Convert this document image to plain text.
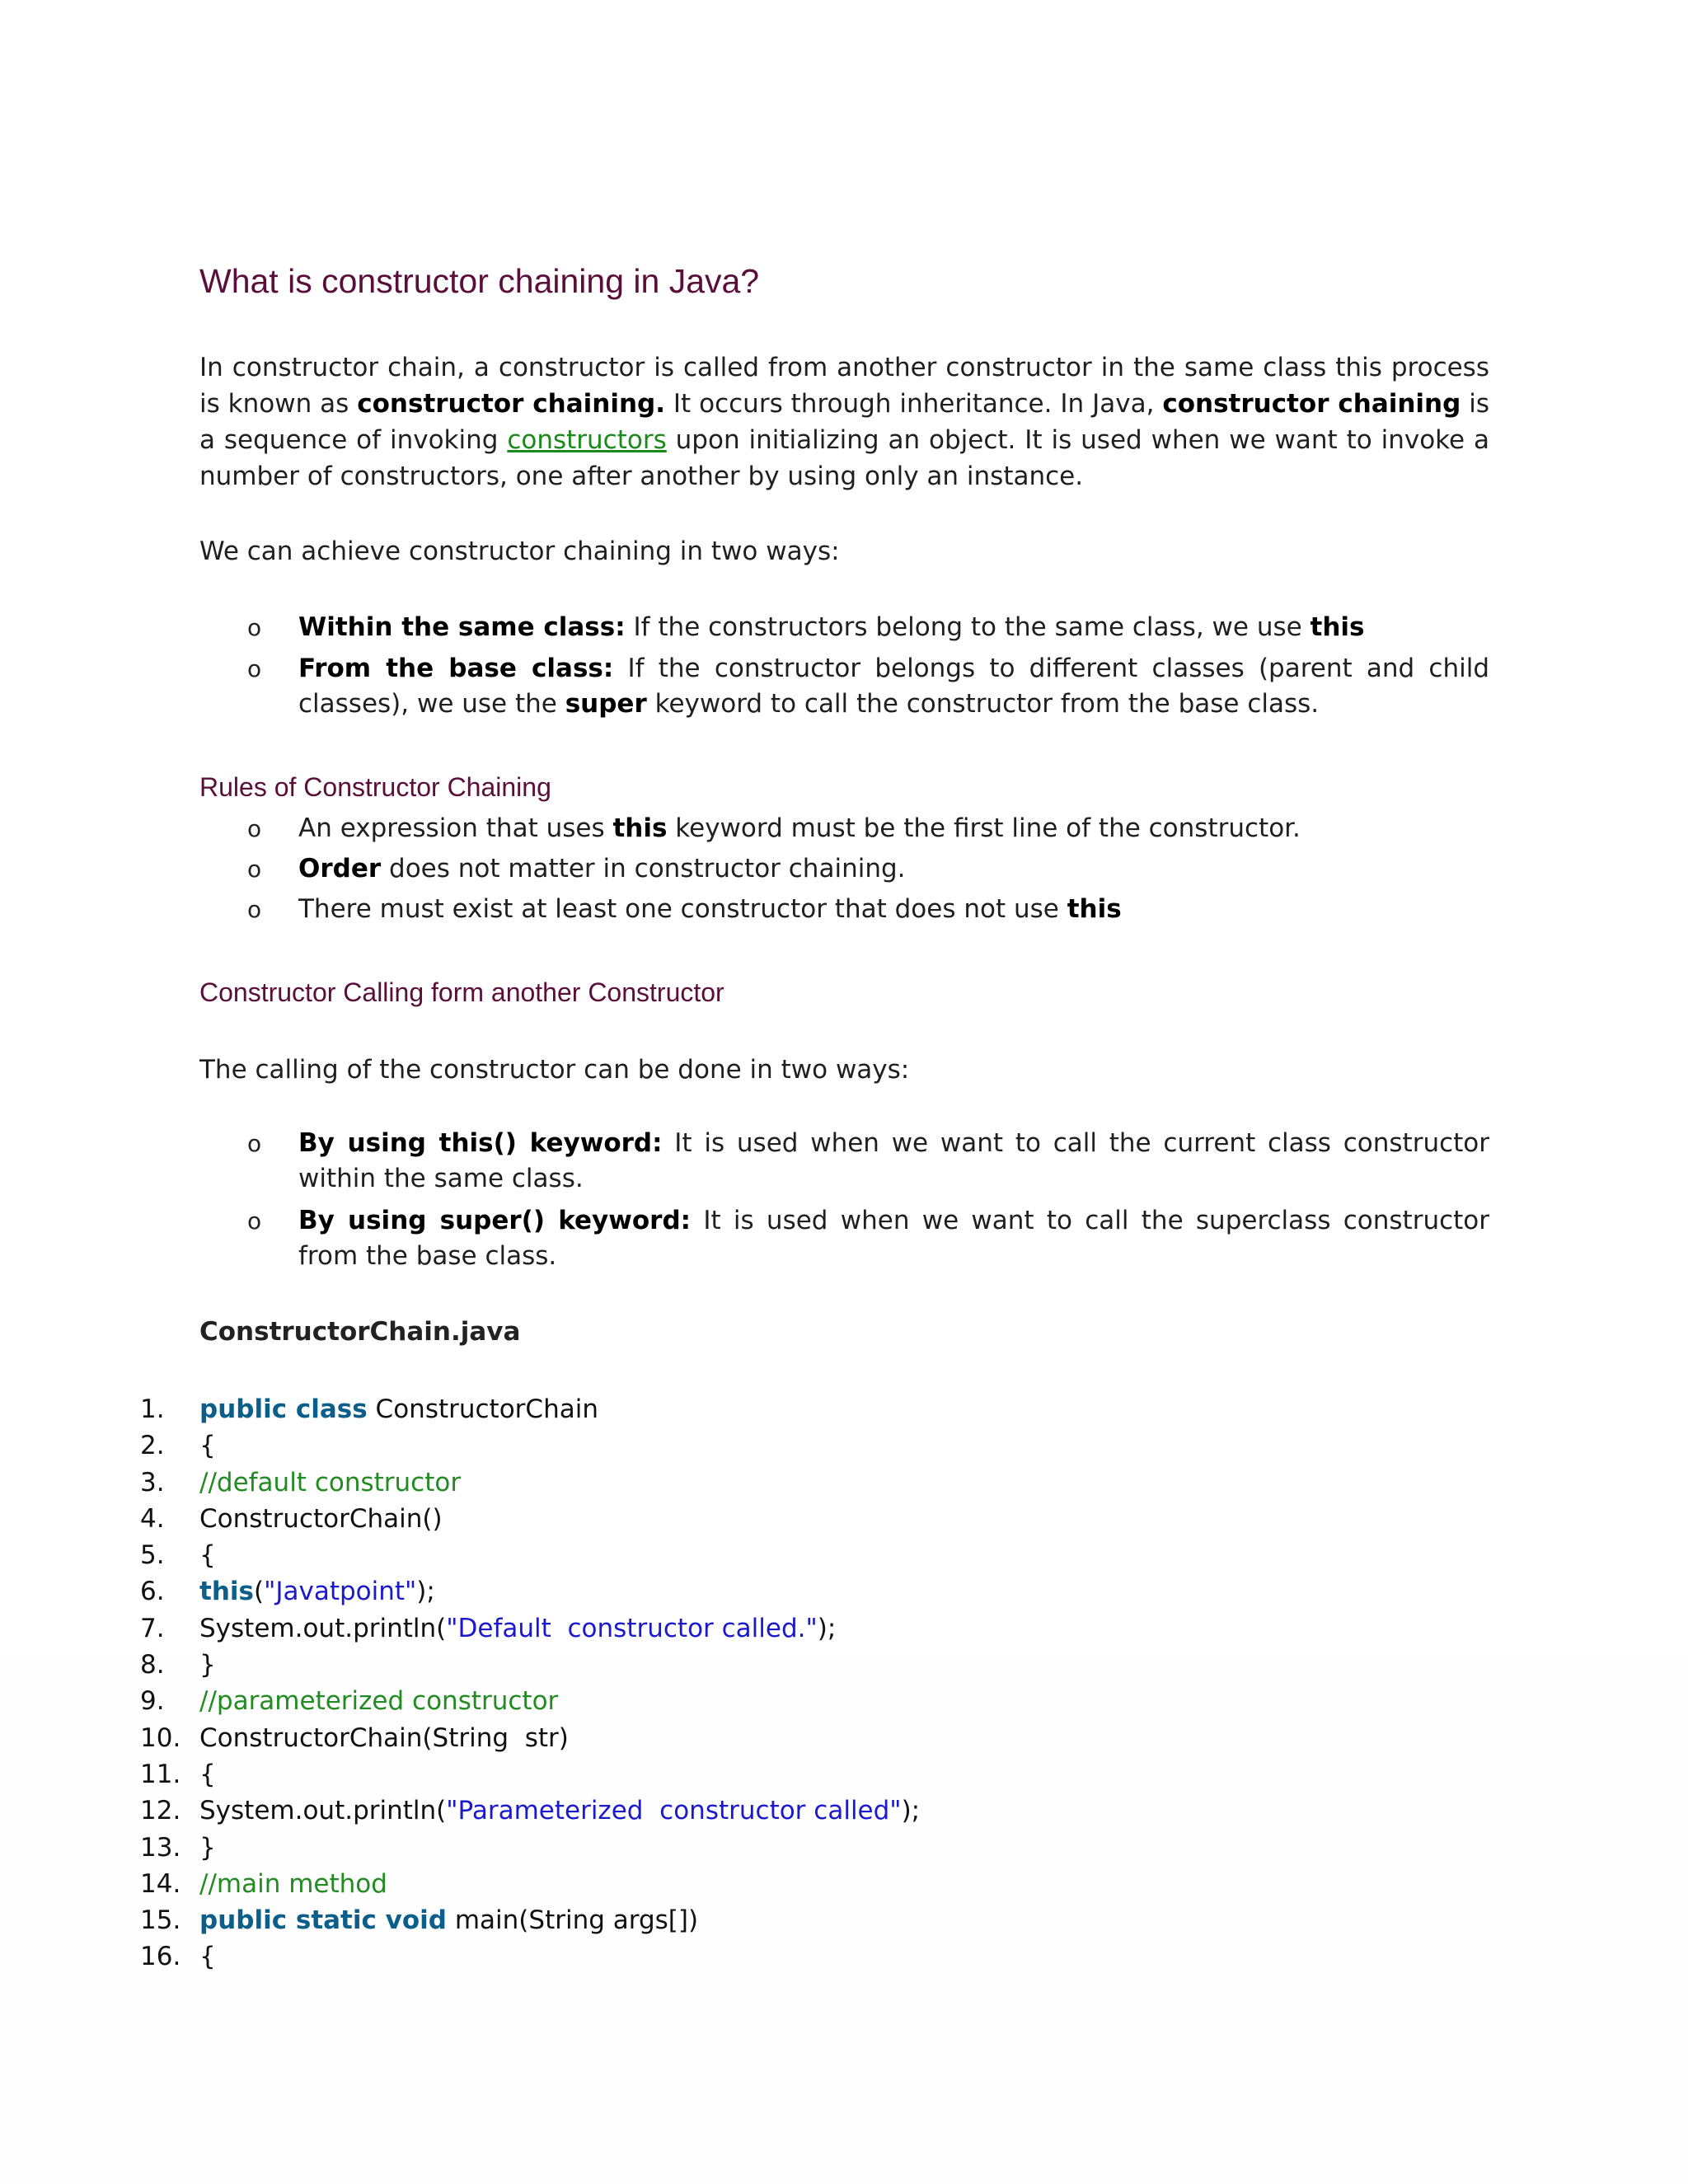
What is constructor chaining in Java?

In constructor chain, a constructor is called from another constructor in the same class this process is known as constructor chaining. It occurs through inheritance. In Java, constructor chaining is a sequence of invoking constructors upon initializing an object. It is used when we want to invoke a number of constructors, one after another by using only an instance.

We can achieve constructor chaining in two ways:

o Within the same class: If the constructors belong to the same class, we use this
o From the base class: If the constructor belongs to different classes (parent and child classes), we use the super keyword to call the constructor from the base class.
Rules of Constructor Chaining
o An expression that uses this keyword must be the first line of the constructor.
o Order does not matter in constructor chaining.
o There must exist at least one constructor that does not use this
Constructor Calling form another Constructor

The calling of the constructor can be done in two ways:

o By using this() keyword: It is used when we want to call the current class constructor within the same class.
o By using super() keyword: It is used when we want to call the superclass constructor from the base class.
ConstructorChain.java
1.	public class ConstructorChain
2.	{
3.	//default constructor
4.	ConstructorChain()
5.	{
6.	this("Javatpoint");
7.	System.out.println("Default  constructor called.");
8.	}
9.	//parameterized constructor
10. ConstructorChain(String  str)
11. {
12. System.out.println("Parameterized  constructor called");
13. }
14. //main method
15. public static void main(String args[])
16. {
